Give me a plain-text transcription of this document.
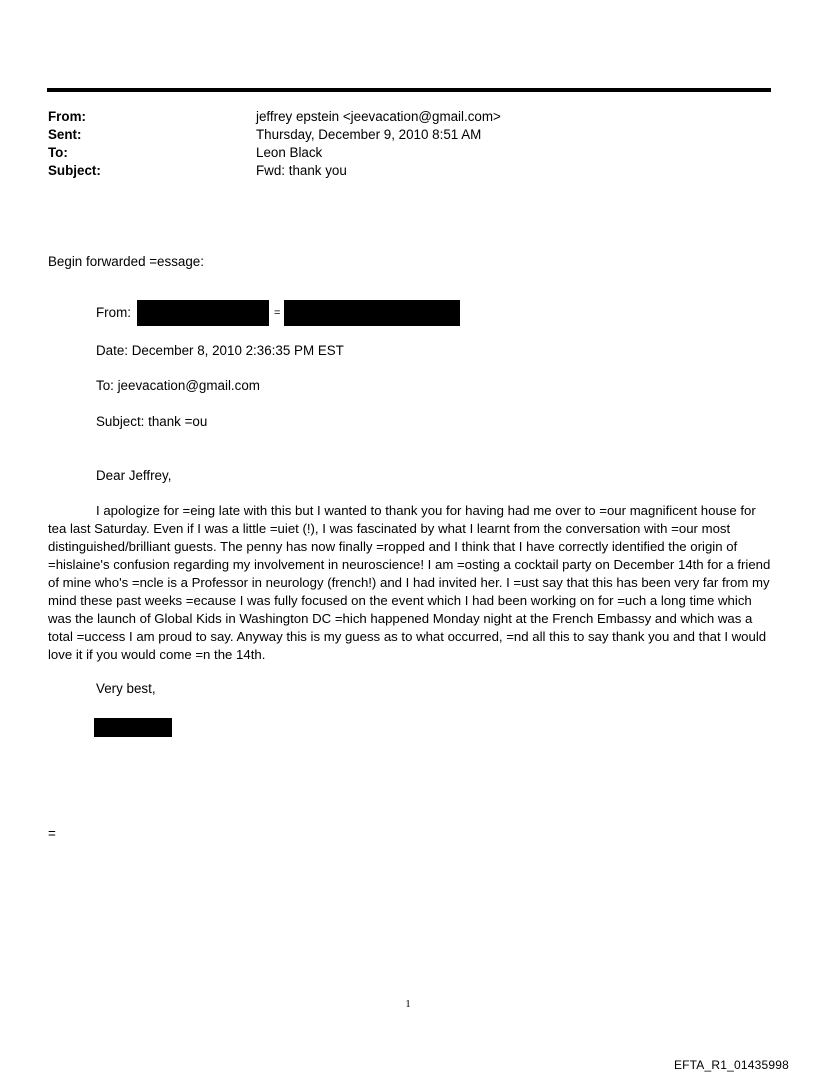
From:	jeffrey epstein <jeevacation@gmail.com>
Sent:	Thursday, December 9, 2010 8:51 AM
To:	Leon Black
Subject:	Fwd: thank you
Begin forwarded =essage:
From:	=
Date: December 8, 2010 2:36:35 PM EST
To: jeevacation@gmail.com
Subject: thank =ou
Dear Jeffrey,
I apologize for =eing late with this but I wanted to thank you for having had me over to =our magnificent house for tea last Saturday. Even if I was a little =uiet (!), I was fascinated by what I learnt from the conversation with =our most distinguished/brilliant guests. The penny has now finally =ropped and I think that I have correctly identified the origin of =hislaine's confusion regarding my involvement in neuroscience! I am =osting a cocktail party on December 14th for a friend of mine who's =ncle is a Professor in neurology (french!) and I had invited her. I =ust say that this has been very far from my mind these past weeks =ecause I was fully focused on the event which I had been working on for =uch a long time which was the launch of Global Kids in Washington DC =hich happened Monday night at the French Embassy and which was a total =uccess I am proud to say. Anyway this is my guess as to what occurred, =nd all this to say thank you and that I would love it if you would come =n the 14th.
Very best,
=
1
EFTA_R1_01435998
